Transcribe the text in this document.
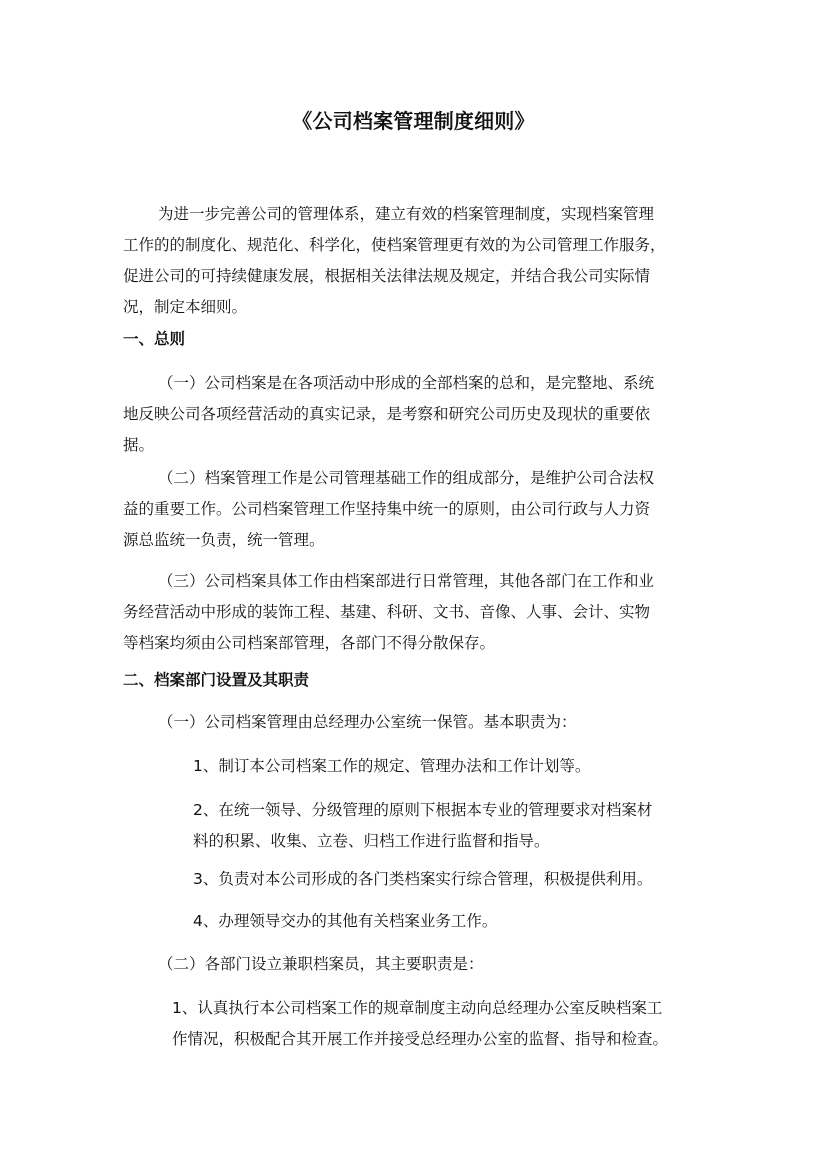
《公司档案管理制度细则》
为进一步完善公司的管理体系，建立有效的档案管理制度，实现档案管理
工作的的制度化、规范化、科学化，使档案管理更有效的为公司管理工作服务，
促进公司的可持续健康发展，根据相关法律法规及规定，并结合我公司实际情
况，制定本细则。
一、总则
（一）公司档案是在各项活动中形成的全部档案的总和，是完整地、系统
地反映公司各项经营活动的真实记录，是考察和研究公司历史及现状的重要依
据。
（二）档案管理工作是公司管理基础工作的组成部分，是维护公司合法权
益的重要工作。公司档案管理工作坚持集中统一的原则，由公司行政与人力资
源总监统一负责，统一管理。
（三）公司档案具体工作由档案部进行日常管理，其他各部门在工作和业
务经营活动中形成的装饰工程、基建、科研、文书、音像、人事、会计、实物
等档案均须由公司档案部管理，各部门不得分散保存。
二、档案部门设置及其职责
（一）公司档案管理由总经理办公室统一保管。基本职责为：
1、制订本公司档案工作的规定、管理办法和工作计划等。
2、在统一领导、分级管理的原则下根据本专业的管理要求对档案材
料的积累、收集、立卷、归档工作进行监督和指导。
3、负责对本公司形成的各门类档案实行综合管理，积极提供利用。
4、办理领导交办的其他有关档案业务工作。
（二）各部门设立兼职档案员，其主要职责是：
1、认真执行本公司档案工作的规章制度主动向总经理办公室反映档案工
作情况，积极配合其开展工作并接受总经理办公室的监督、指导和检查。
